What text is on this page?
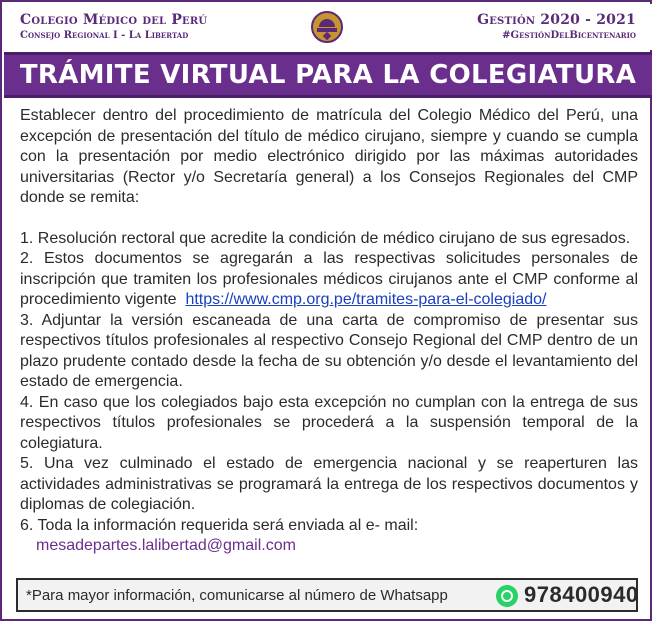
Colegio Médico del Perú
Consejo Regional I - La Libertad
Gestión 2020 - 2021
#GestiónDelBicentenario
TRÁMITE VIRTUAL PARA LA COLEGIATURA

Establecer dentro del procedimiento de matrícula del Colegio Médico del Perú, una excepción de presentación del título de médico cirujano, siempre y cuando se cumpla con la presentación por medio electrónico dirigido por las máximas autoridades universitarias (Rector y/o Secretaría general) a los Consejos Regionales del CMP donde se remita:

1. Resolución rectoral que acredite la condición de médico cirujano de sus egresados.

2. Estos documentos se agregarán a las respectivas solicitudes personales de inscripción que tramiten los profesionales médicos cirujanos ante el CMP conforme al procedimiento vigente https://www.cmp.org.pe/tramites-para-el-colegiado/

3. Adjuntar la versión escaneada de una carta de compromiso de presentar sus respectivos títulos profesionales al respectivo Consejo Regional del CMP dentro de un plazo prudente contado desde la fecha de su obtención y/o desde el levantamiento del estado de emergencia.

4. En caso que los colegiados bajo esta excepción no cumplan con la entrega de sus respectivos títulos profesionales se procederá a la suspensión temporal de la colegiatura.

5. Una vez culminado el estado de emergencia nacional y se reaperturen las actividades administrativas se programará la entrega de los respectivos documentos y diplomas de colegiación.

6. Toda la información requerida será enviada al e- mail:

mesadepartes.lalibertad@gmail.com
*Para mayor información, comunicarse al número de Whatsapp	978400940
